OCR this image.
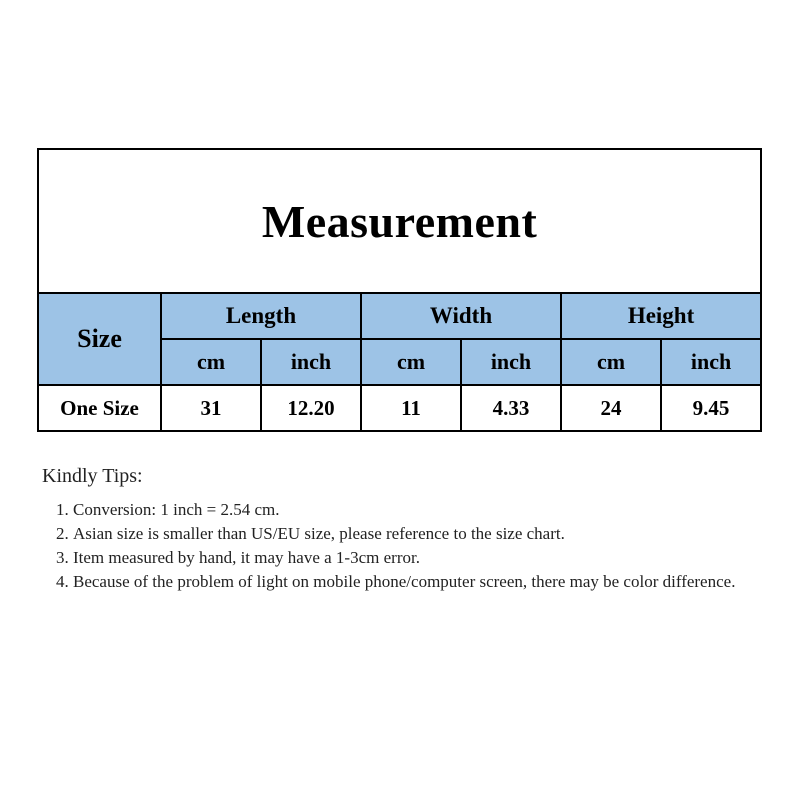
Measurement						
Size	Length		Width		Height	
	cm	inch	cm	inch	cm	inch
One Size	31	12.20	11	4.33	24	9.45
Kindly Tips:
1. Conversion: 1 inch = 2.54 cm.
2. Asian size is smaller than US/EU size, please reference to the size chart.
3. Item measured by hand, it may have a 1-3cm error.
4. Because of the problem of light on mobile phone/computer screen, there may be color difference.
